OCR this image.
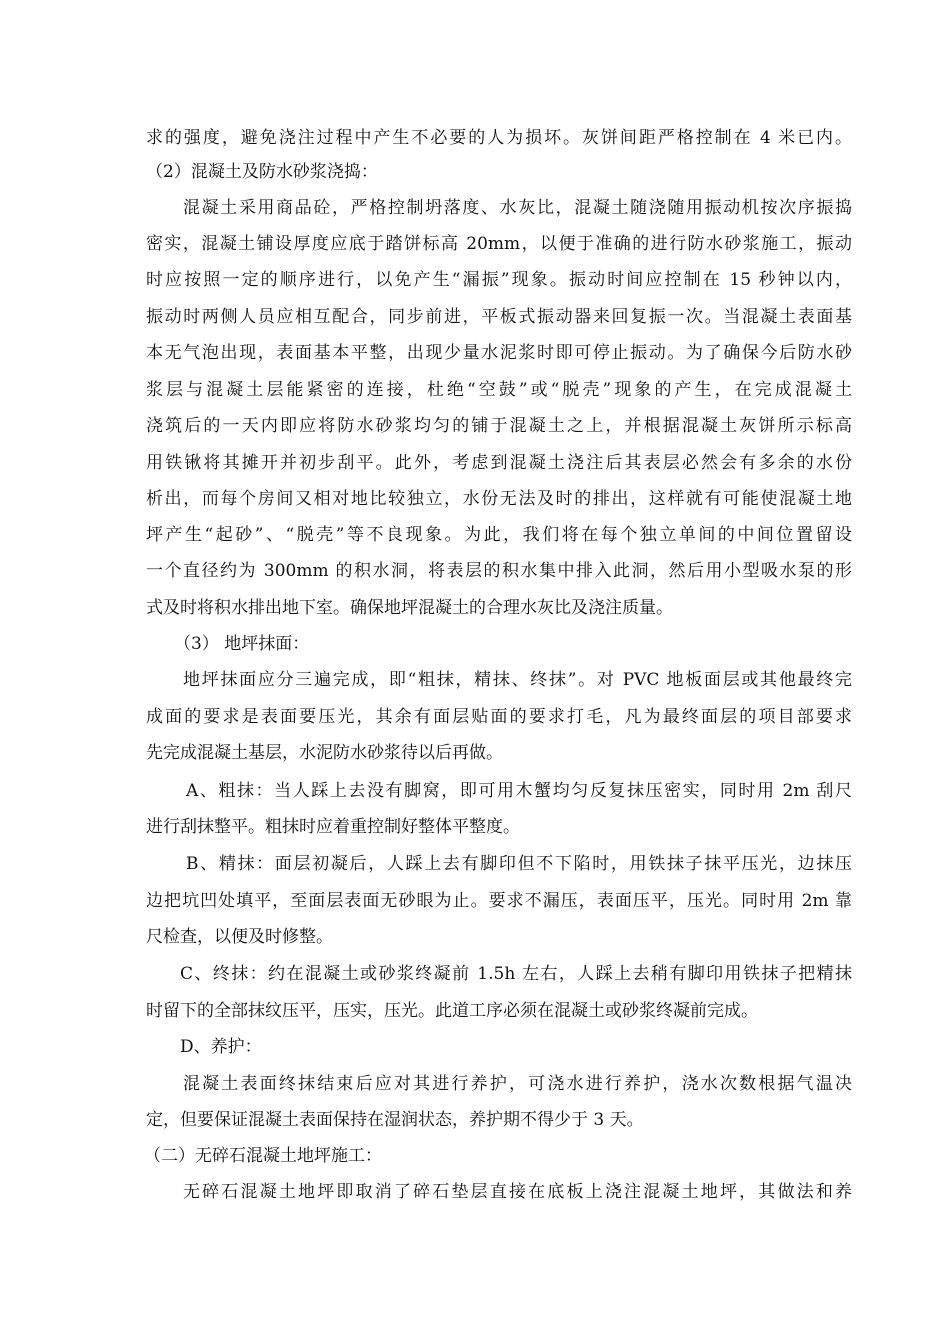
求的强度，避免浇注过程中产生不必要的人为损坏。灰饼间距严格控制在 4 米已内。
（2）混凝土及防水砂浆浇捣：
混凝土采用商品砼，严格控制坍落度、水灰比，混凝土随浇随用振动机按次序振捣
密实，混凝土铺设厚度应底于踏饼标高 20mm，以便于准确的进行防水砂浆施工，振动
时应按照一定的顺序进行，以免产生“漏振”现象。振动时间应控制在 15 秒钟以内，
振动时两侧人员应相互配合，同步前进，平板式振动器来回复振一次。当混凝土表面基
本无气泡出现，表面基本平整，出现少量水泥浆时即可停止振动。为了确保今后防水砂
浆层与混凝土层能紧密的连接，杜绝“空鼓”或“脱壳”现象的产生，在完成混凝土
浇筑后的一天内即应将防水砂浆均匀的铺于混凝土之上，并根据混凝土灰饼所示标高
用铁锹将其摊开并初步刮平。此外，考虑到混凝土浇注后其表层必然会有多余的水份
析出，而每个房间又相对地比较独立，水份无法及时的排出，这样就有可能使混凝土地
坪产生“起砂”、“脱壳”等不良现象。为此，我们将在每个独立单间的中间位置留设
一个直径约为 300mm 的积水洞，将表层的积水集中排入此洞，然后用小型吸水泵的形
式及时将积水排出地下室。确保地坪混凝土的合理水灰比及浇注质量。
（3） 地坪抹面：
地坪抹面应分三遍完成，即“粗抹，精抹、终抹”。对 PVC 地板面层或其他最终完
成面的要求是表面要压光，其余有面层贴面的要求打毛，凡为最终面层的项目部要求
先完成混凝土基层，水泥防水砂浆待以后再做。
A、粗抹：当人踩上去没有脚窝，即可用木蟹均匀反复抹压密实，同时用 2m 刮尺
进行刮抹整平。粗抹时应着重控制好整体平整度。
B、精抹：面层初凝后，人踩上去有脚印但不下陷时，用铁抹子抹平压光，边抹压
边把坑凹处填平，至面层表面无砂眼为止。要求不漏压，表面压平，压光。同时用 2m 靠
尺检查，以便及时修整。
C、终抹：约在混凝土或砂浆终凝前 1.5h 左右，人踩上去稍有脚印用铁抹子把精抹
时留下的全部抹纹压平，压实，压光。此道工序必须在混凝土或砂浆终凝前完成。
D、养护：
混凝土表面终抹结束后应对其进行养护，可浇水进行养护，浇水次数根据气温决
定，但要保证混凝土表面保持在湿润状态，养护期不得少于 3 天。
（二）无碎石混凝土地坪施工：
无碎石混凝土地坪即取消了碎石垫层直接在底板上浇注混凝土地坪，其做法和养
